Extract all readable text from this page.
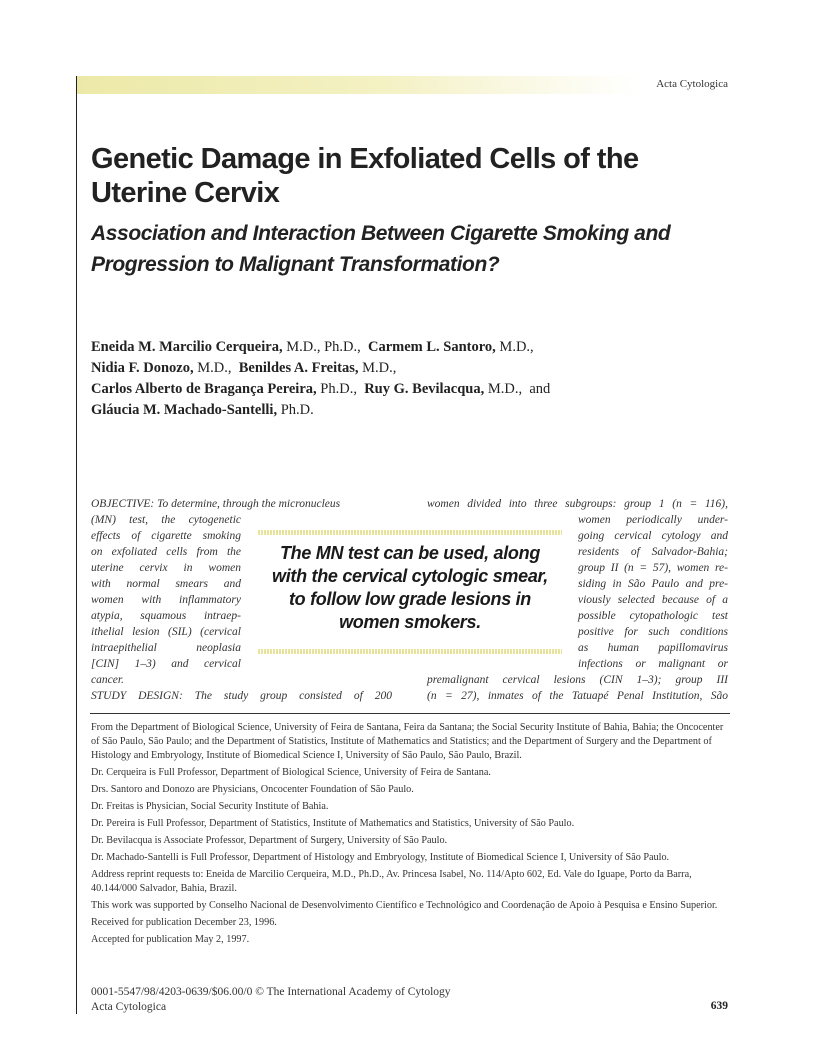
Acta Cytologica
Genetic Damage in Exfoliated Cells of the
Uterine Cervix
Association and Interaction Between Cigarette Smoking and
Progression to Malignant Transformation?
Eneida M. Marcilio Cerqueira, M.D., Ph.D., Carmem L. Santoro, M.D.,
Nidia F. Donozo, M.D., Benildes A. Freitas, M.D.,
Carlos Alberto de Bragança Pereira, Ph.D., Ruy G. Bevilacqua, M.D., and
Gláucia M. Machado-Santelli, Ph.D.
OBJECTIVE: To determine, through the micronucleus
(MN) test, the cytogenetic
effects of cigarette smoking
on exfoliated cells from the
uterine cervix in women
with normal smears and
women with inflammatory
atypia, squamous intraep-
ithelial lesion (SIL) (cervical
intraepithelial neoplasia
[CIN] 1–3) and cervical
cancer.
STUDY DESIGN: The study group consisted of 200
women divided into three subgroups: group 1 (n = 116),
women periodically under-
going cervical cytology and
residents of Salvador-Bahia;
group II (n = 57), women re-
siding in São Paulo and pre-
viously selected because of a
possible cytopathologic test
positive for such conditions
as human papillomavirus
infections or malignant or
premalignant cervical lesions (CIN 1–3); group III
(n = 27), inmates of the Tatuapé Penal Institution, São
The MN test can be used, along
with the cervical cytologic smear,
to follow low grade lesions in
women smokers.

From the Department of Biological Science, University of Feira de Santana, Feira da Santana; the Social Security Institute of Bahia, Bahia; the Oncocenter of São Paulo, São Paulo; and the Department of Statistics, Institute of Mathematics and Statistics; and the Department of Surgery and the Department of Histology and Embryology, Institute of Biomedical Science I, University of São Paulo, São Paulo, Brazil.

Dr. Cerqueira is Full Professor, Department of Biological Science, University of Feira de Santana.

Drs. Santoro and Donozo are Physicians, Oncocenter Foundation of São Paulo.

Dr. Freitas is Physician, Social Security Institute of Bahia.

Dr. Pereira is Full Professor, Department of Statistics, Institute of Mathematics and Statistics, University of São Paulo.

Dr. Bevilacqua is Associate Professor, Department of Surgery, University of São Paulo.

Dr. Machado-Santelli is Full Professor, Department of Histology and Embryology, Institute of Biomedical Science I, University of São Paulo.

Address reprint requests to: Eneida de Marcilio Cerqueira, M.D., Ph.D., Av. Princesa Isabel, No. 114/Apto 602, Ed. Vale do Iguape, Porto da Barra, 40.144/000 Salvador, Bahia, Brazil.

This work was supported by Conselho Nacional de Desenvolvimento Científico e Technológico and Coordenação de Apoio à Pesquisa e Ensino Superior.

Received for publication December 23, 1996.

Accepted for publication May 2, 1997.

0001-5547/98/4203-0639/$06.00/0 © The International Academy of Cytology
Acta Cytologica	639
